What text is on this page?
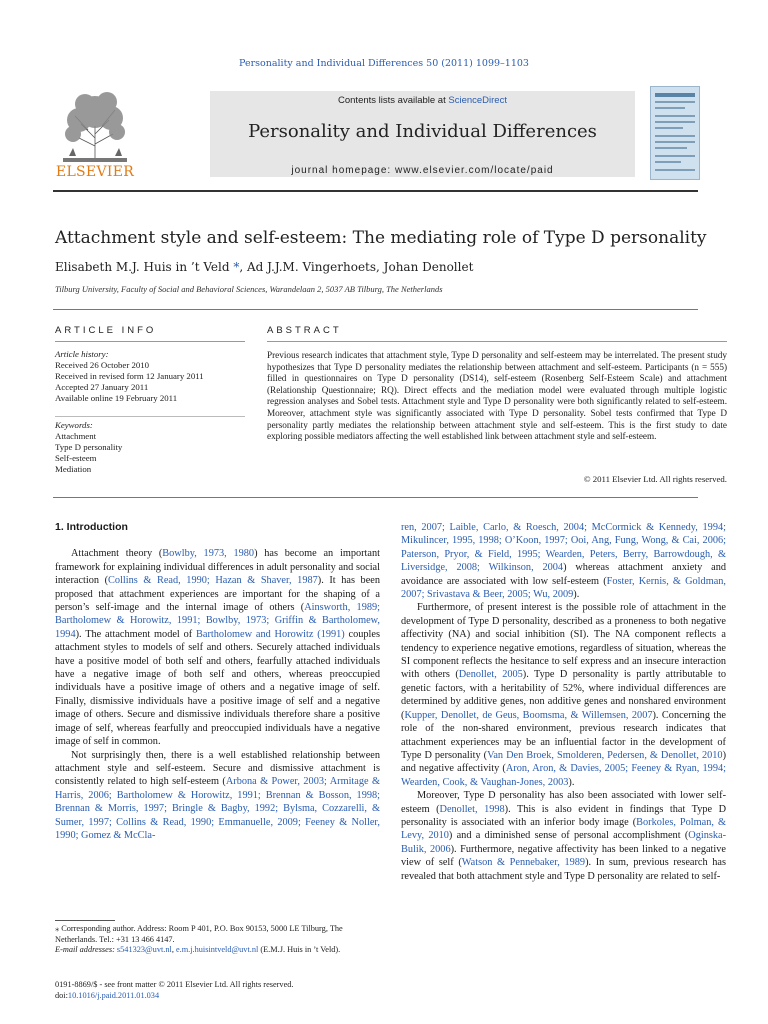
Personality and Individual Differences 50 (2011) 1099–1103
ELSEVIER
Contents lists available at ScienceDirect
Personality and Individual Differences
journal homepage: www.elsevier.com/locate/paid
Attachment style and self-esteem: The mediating role of Type D personality
Elisabeth M.J. Huis in ’t Veld *, Ad J.J.M. Vingerhoets, Johan Denollet
Tilburg University, Faculty of Social and Behavioral Sciences, Warandelaan 2, 5037 AB Tilburg, The Netherlands
ARTICLE INFO
Article history:
Received 26 October 2010
Received in revised form 12 January 2011
Accepted 27 January 2011
Available online 19 February 2011
Keywords:
Attachment
Type D personality
Self-esteem
Mediation
ABSTRACT
Previous research indicates that attachment style, Type D personality and self-esteem may be interrelated. The present study hypothesizes that Type D personality mediates the relationship between attachment and self-esteem. Participants (n = 555) filled in questionnaires on Type D personality (DS14), self-esteem (Rosenberg Self-Esteem Scale) and attachment (Relationship Questionnaire; RQ). Direct effects and the mediation model were evaluated through multiple logistic regression analyses and Sobel tests. Attachment style and Type D personality were both significantly related to self-esteem. Moreover, attachment style was significantly associated with Type D personality. Sobel tests confirmed that Type D personality partly mediates the relationship between attachment style and self-esteem. This is the first study to date exploring possible mediators affecting the well established link between attachment style and self-esteem.
© 2011 Elsevier Ltd. All rights reserved.
1. Introduction

Attachment theory (Bowlby, 1973, 1980) has become an important framework for explaining individual differences in adult personality and social interaction (Collins & Read, 1990; Hazan & Shaver, 1987). It has been proposed that attachment experiences are important for the shaping of a person’s self-image and the internal image of others (Ainsworth, 1989; Bartholomew & Horowitz, 1991; Bowlby, 1973; Griffin & Bartholomew, 1994). The attachment model of Bartholomew and Horowitz (1991) couples attachment styles to models of self and others. Securely attached individuals have a positive model of both self and others, fearfully attached individuals have a negative image of both self and others, whereas preoccupied individuals have a positive image of others and a negative image of self. Finally, dismissive individuals have a positive image of self and a negative image of others. Secure and dismissive individuals therefore share a positive image of self, whereas fearfully and preoccupied individuals have a negative image of self in common.

Not surprisingly then, there is a well established relationship between attachment style and self-esteem. Secure and dismissive attachment is consistently related to high self-esteem (Arbona & Power, 2003; Armitage & Harris, 2006; Bartholomew & Horowitz, 1991; Brennan & Bosson, 1998; Brennan & Morris, 1997; Bringle & Bagby, 1992; Bylsma, Cozzarelli, & Sumer, 1997; Collins & Read, 1990; Emmanuelle, 2009; Feeney & Noller, 1990; Gomez & McCla-

⁎ Corresponding author. Address: Room P 401, P.O. Box 90153, 5000 LE Tilburg, The Netherlands. Tel.: +31 13 466 4147.
E-mail addresses: s541323@uvt.nl, e.m.j.huisintveld@uvt.nl (E.M.J. Huis in ’t Veld).
0191-8869/$ - see front matter © 2011 Elsevier Ltd. All rights reserved.
doi:10.1016/j.paid.2011.01.034

ren, 2007; Laible, Carlo, & Roesch, 2004; McCormick & Kennedy, 1994; Mikulincer, 1995, 1998; O’Koon, 1997; Ooi, Ang, Fung, Wong, & Cai, 2006; Paterson, Pryor, & Field, 1995; Wearden, Peters, Berry, Barrowdough, & Liversidge, 2008; Wilkinson, 2004) whereas attachment anxiety and avoidance are associated with low self-esteem (Foster, Kernis, & Goldman, 2007; Srivastava & Beer, 2005; Wu, 2009).

Furthermore, of present interest is the possible role of attachment in the development of Type D personality, described as a proneness to both negative affectivity (NA) and social inhibition (SI). The NA component reflects a tendency to experience negative emotions, regardless of situation, whereas the SI component reflects the hesitance to self express and an insecure interaction with others (Denollet, 2005). Type D personality is partly attributable to genetic factors, with a heritability of 52%, where individual differences are determined by additive genes, non additive genes and nonshared environment (Kupper, Denollet, de Geus, Boomsma, & Willemsen, 2007). Concerning the role of the non-shared environment, previous research indicates that attachment experiences may be an influential factor in the development of Type D personality (Van Den Broek, Smolderen, Pedersen, & Denollet, 2010) and negative affectivity (Aron, Aron, & Davies, 2005; Feeney & Ryan, 1994; Wearden, Cook, & Vaughan-Jones, 2003).

Moreover, Type D personality has also been associated with lower self-esteem (Denollet, 1998). This is also evident in findings that Type D personality is associated with an inferior body image (Borkoles, Polman, & Levy, 2010) and a diminished sense of personal accomplishment (Oginska-Bulik, 2006). Furthermore, negative affectivity has been linked to a negative view of self (Watson & Pennebaker, 1989). In sum, previous research has revealed that both attachment style and Type D personality are related to self-
